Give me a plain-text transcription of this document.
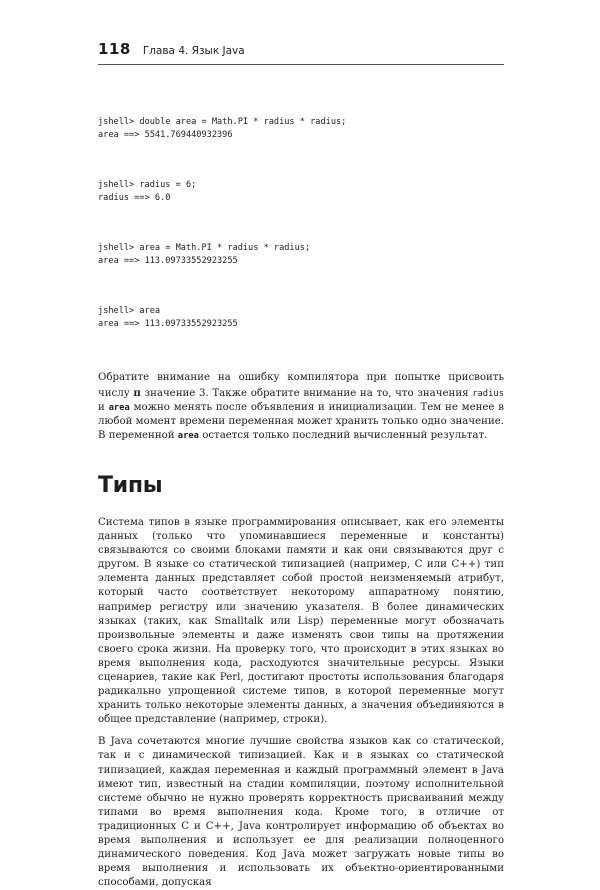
118 Глава 4. Язык Java

jshell> double area = Math.PI * radius * radius;
area ==> 5541.769440932396

jshell> radius = 6;
radius ==> 6.0

jshell> area = Math.PI * radius * radius;
area ==> 113.09733552923255

jshell> area
area ==> 113.09733552923255

Обратите внимание на ошибку компилятора при попытке присвоить числу π значение 3. Также обратите внимание на то, что значения radius и area можно менять после объявления и инициализации. Тем не менее в любой момент времени переменная может хранить только одно значение. В переменной area остается только последний вычисленный результат.

Типы

Система типов в языке программирования описывает, как его элементы данных (только что упоминавшиеся переменные и константы) связываются со своими блоками памяти и как они связываются друг с другом. В языке со статической типизацией (например, C или C++) тип элемента данных представляет собой простой неизменяемый атрибут, который часто соответствует некоторому аппаратному понятию, например регистру или значению указателя. В более динамических языках (таких, как Smalltalk или Lisp) переменные могут обозначать произвольные элементы и даже изменять свои типы на протяжении своего срока жизни. На проверку того, что происходит в этих языках во время выполнения кода, расходуются значительные ресурсы. Языки сценариев, такие как Perl, достигают простоты использования благодаря радикально упрощенной системе типов, в которой переменные могут хранить только некоторые элементы данных, а значения объединяются в общее представление (например, строки).

В Java сочетаются многие лучшие свойства языков как со статической, так и с динамической типизацией. Как и в языках со статической типизацией, каждая переменная и каждый программный элемент в Java имеют тип, известный на стадии компиляции, поэтому исполнительной системе обычно не нужно проверять корректность присваиваний между типами во время выполнения кода. Кроме того, в отличие от традиционных C и C++, Java контролирует информацию об объектах во время выполнения и использует ее для реализации полноценного динамического поведения. Код Java может загружать новые типы во время выполнения и использовать их объектно-ориентированными способами, допуская
